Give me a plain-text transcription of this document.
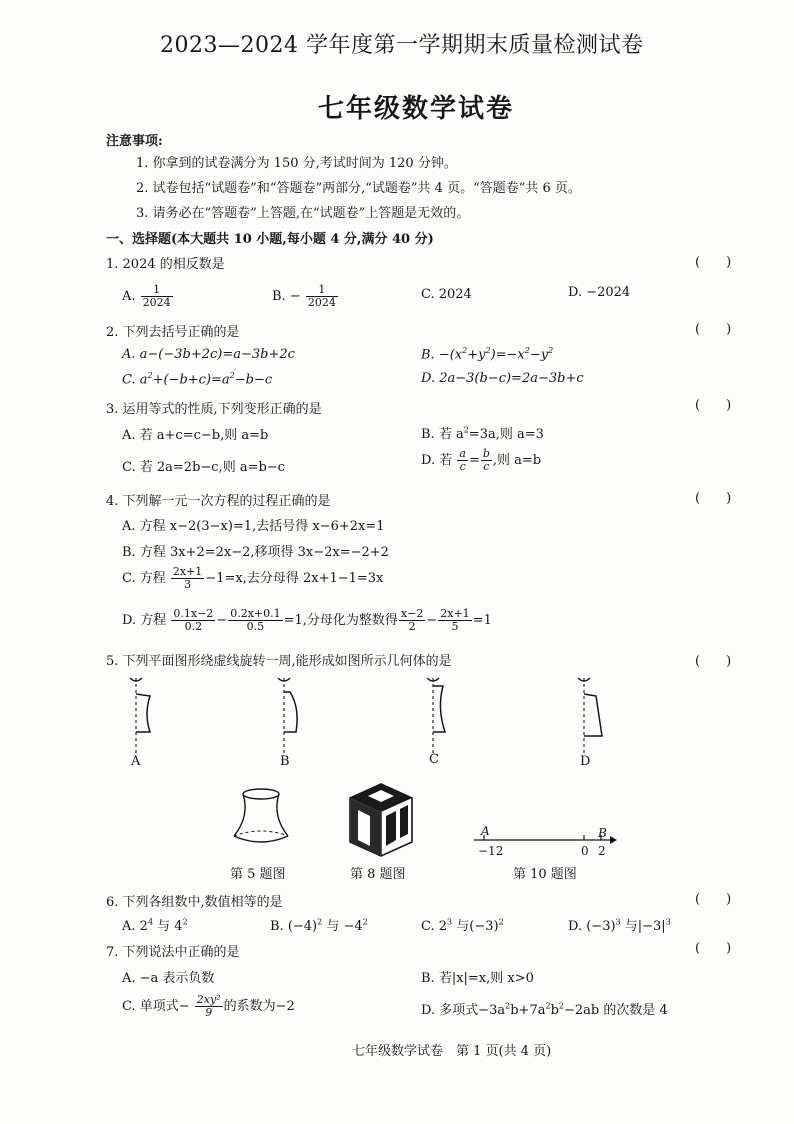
2023—2024 学年度第一学期期末质量检测试卷
七年级数学试卷
注意事项:
1. 你拿到的试卷满分为 150 分,考试时间为 120 分钟。
2. 试卷包括“试题卷”和“答题卷”两部分,“试题卷”共 4 页。“答题卷”共 6 页。
3. 请务必在“答题卷”上答题,在“试题卷”上答题是无效的。
一、选择题(本大题共 10 小题,每小题 4 分,满分 40 分)
1. 2024 的相反数是	(　　)
A. $\frac{1}{2024}$	B. − $\frac{1}{2024}$	C. 2024	D. −2024
2. 下列去括号正确的是	(　　)
A. a−(−3b+2c)=a−3b+2c	B. $-(x^2+y^2)=-x^2-y^2$
C. $a^2+(-b+c)=a^2-b-c$	D. 2a−3(b−c)=2a−3b+c
3. 运用等式的性质,下列变形正确的是	(　　)
A. 若 a+c=c−b,则 a=b	B. 若 $a^2=3a$,则 a=3
C. 若 2a=2b−c,则 a=b−c	D. 若 $\frac{a}{c} = \frac{b}{c}$ ,则 a=b
4. 下列解一元一次方程的过程正确的是	(　　)
A. 方程 x−2(3−x)=1,去括号得 x−6+2x=1
B. 方程 3x+2=2x−2,移项得 3x−2x=−2+2
C. 方程 $\frac{2x+1}{3} -1=x$,去分母得 2x+1−1=3x
D. 方程 $\frac{0.1x-2}{0.2} - \frac{0.2x+0.1}{0.5} =1$,分母化为整数得 $\frac{x-2}{2} - \frac{2x+1}{5} =1$
5. 下列平面图形绕虚线旋转一周,能形成如图所示几何体的是	(　　)
A	B	C	D
第 5 题图	第 8 题图
A	B
−12	0 2
第 10 题图
6. 下列各组数中,数值相等的是	(　　)
A. $2^4$ 与 $4^2$	B. $(-4)^2$ 与 $-4^2$	C. $2^3$ 与$(-3)^2$	D. $(-3)^3$ 与$|-3|^3$
7. 下列说法中正确的是	(　　)
A. −a 表示负数	B. 若|x|=x,则 x>0
C. 单项式− $\frac{\text{2xy²}}{9}$ 的系数为−2	D. 多项式$-3a^2b+7a^2b^2-2ab$ 的次数是 4
七年级数学试卷　第 1 页(共 4 页)
